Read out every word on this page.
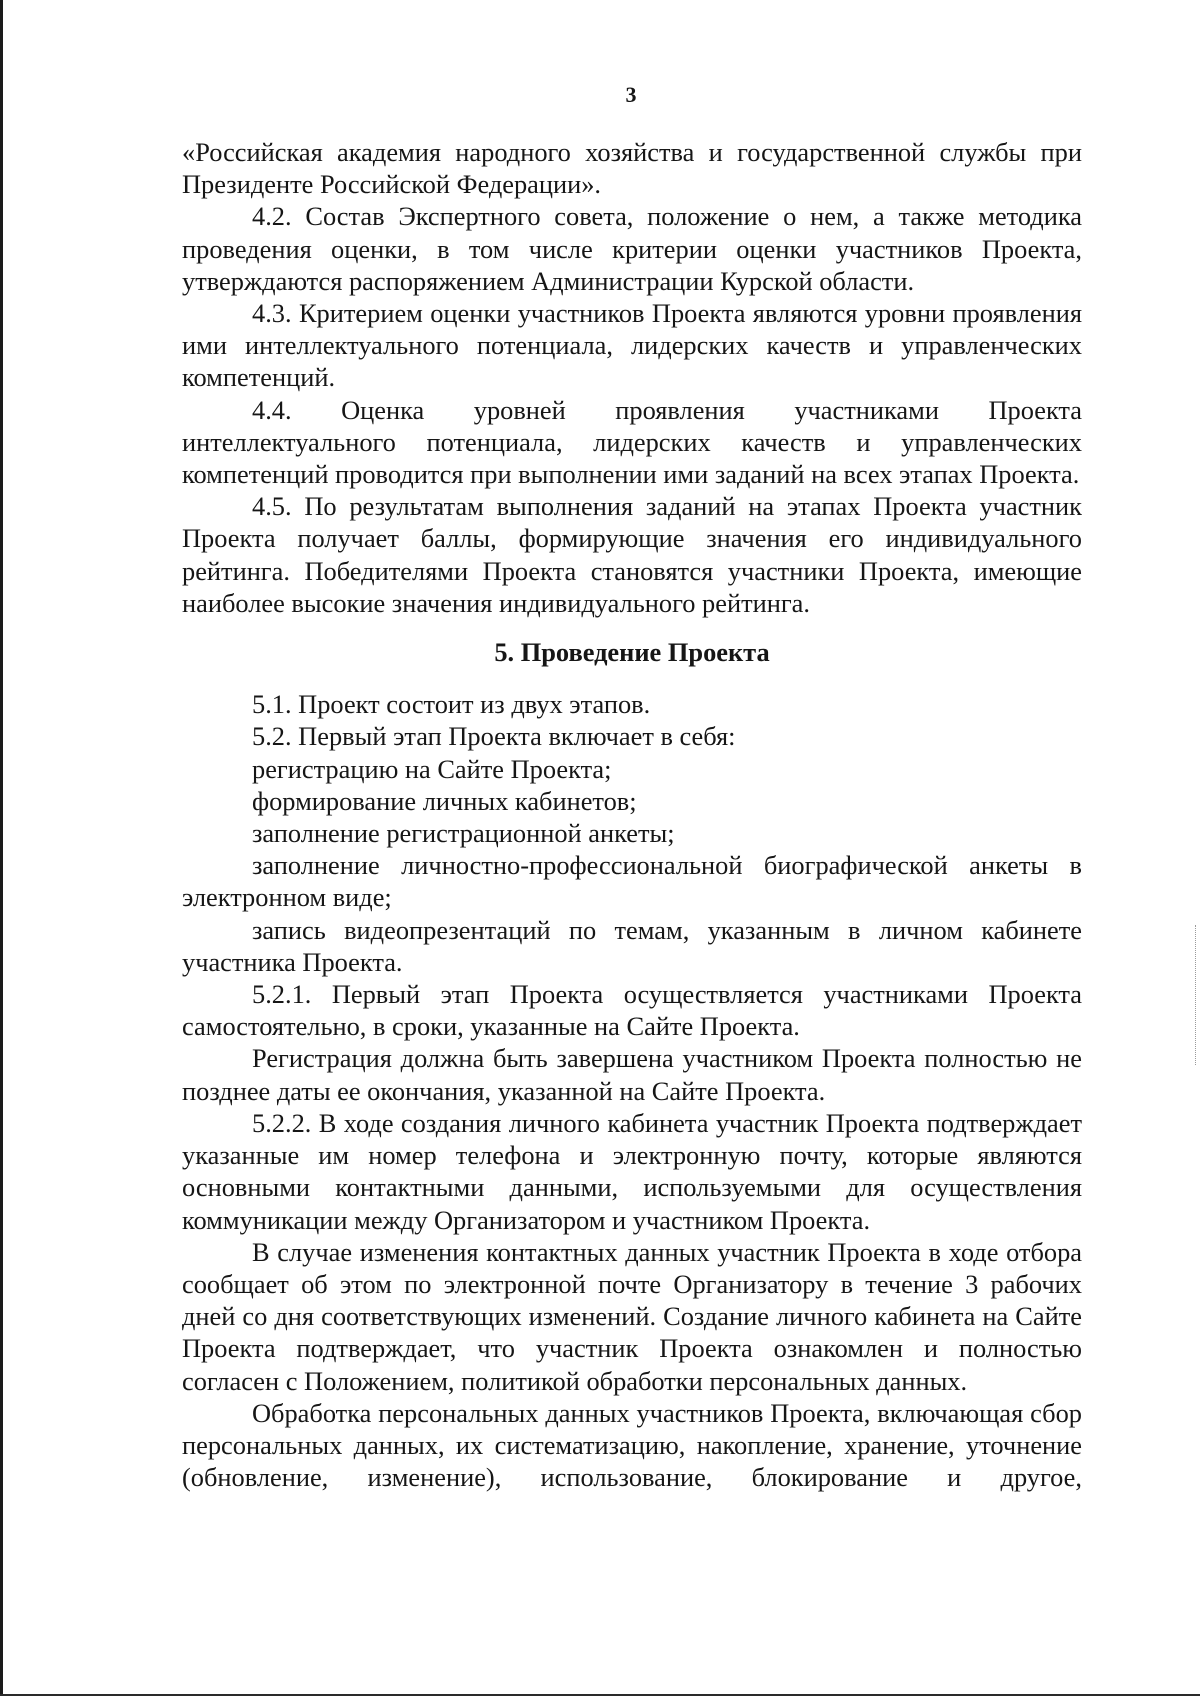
3

«Российская академия народного хозяйства и государственной службы при Президенте Российской Федерации».

4.2. Состав Экспертного совета, положение о нем, а также методика проведения оценки, в том числе критерии оценки участников Проекта, утверждаются распоряжением Администрации Курской области.

4.3. Критерием оценки участников Проекта являются уровни проявления ими интеллектуального потенциала, лидерских качеств и управленческих компетенций.

4.4. Оценка уровней проявления участниками Проекта интеллектуального потенциала, лидерских качеств и управленческих компетенций проводится при выполнении ими заданий на всех этапах Проекта.

4.5. По результатам выполнения заданий на этапах Проекта участник Проекта получает баллы, формирующие значения его индивидуального рейтинга. Победителями Проекта становятся участники Проекта, имеющие наиболее высокие значения индивидуального рейтинга.

5. Проведение Проекта

5.1. Проект состоит из двух этапов.

5.2. Первый этап Проекта включает в себя:

регистрацию на Сайте Проекта;

формирование личных кабинетов;

заполнение регистрационной анкеты;

заполнение личностно-профессиональной биографической анкеты в электронном виде;

запись видеопрезентаций по темам, указанным в личном кабинете участника Проекта.

5.2.1. Первый этап Проекта осуществляется участниками Проекта самостоятельно, в сроки, указанные на Сайте Проекта.

Регистрация должна быть завершена участником Проекта полностью не позднее даты ее окончания, указанной на Сайте Проекта.

5.2.2. В ходе создания личного кабинета участник Проекта подтверждает указанные им номер телефона и электронную почту, которые являются основными контактными данными, используемыми для осуществления коммуникации между Организатором и участником Проекта.

В случае изменения контактных данных участник Проекта в ходе отбора сообщает об этом по электронной почте Организатору в течение 3 рабочих дней со дня соответствующих изменений. Создание личного кабинета на Сайте Проекта подтверждает, что участник Проекта ознакомлен и полностью согласен с Положением, политикой обработки персональных данных.

Обработка персональных данных участников Проекта, включающая сбор персональных данных, их систематизацию, накопление, хранение, уточнение (обновление, изменение), использование, блокирование и другое,
